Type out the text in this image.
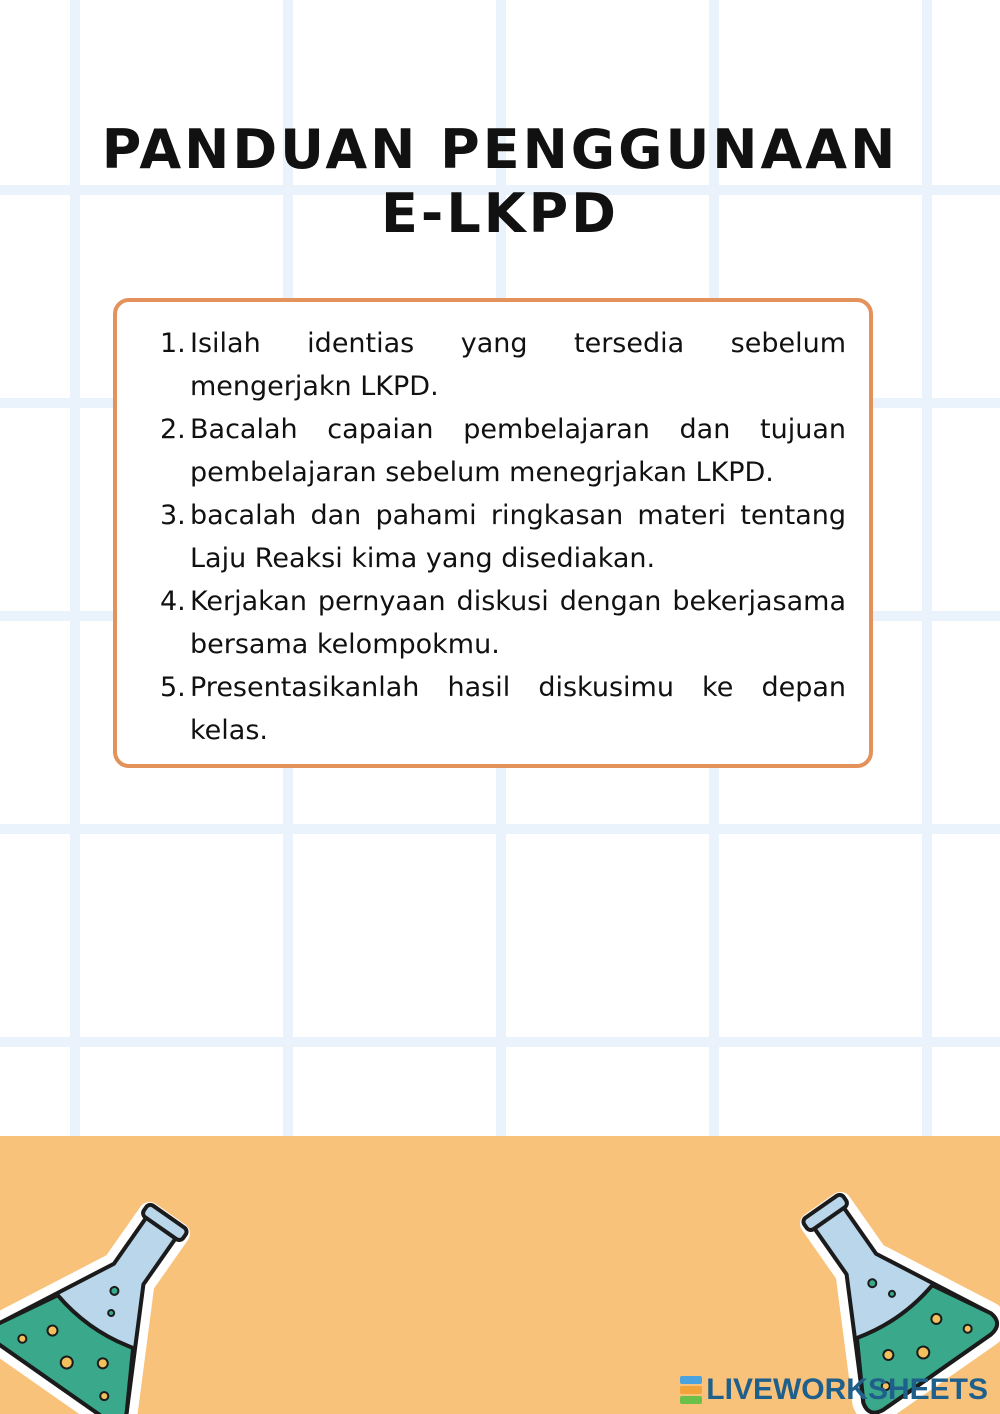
PANDUAN PENGGUNAAN
E-LKPD
1. Isilah identias yang tersedia sebelum mengerjakn LKPD.
2. Bacalah capaian pembelajaran dan tujuan pembelajaran sebelum menegrjakan LKPD.
3. bacalah dan pahami ringkasan materi tentang Laju Reaksi kima yang disediakan.
4. Kerjakan pernyaan diskusi dengan bekerjasama bersama kelompokmu.
5. Presentasikanlah hasil diskusimu ke depan kelas.
LIVEWORKSHEETS
